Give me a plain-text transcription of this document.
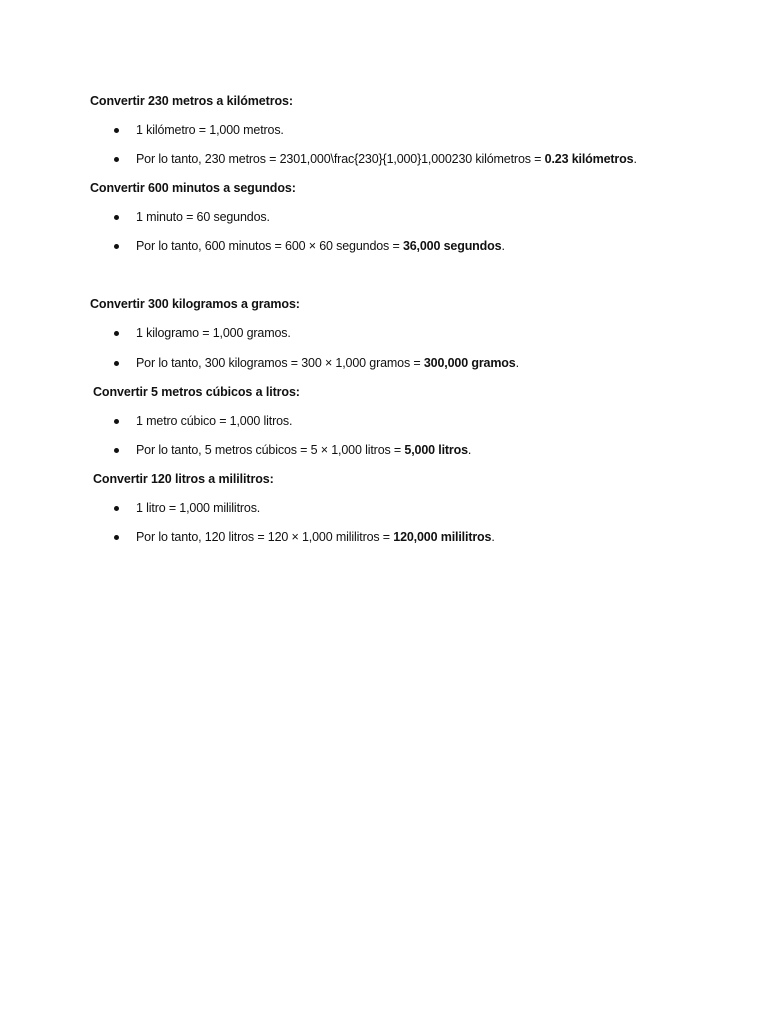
Convertir 230 metros a kilómetros:
1 kilómetro = 1,000 metros.
Por lo tanto, 230 metros = 2301,000\frac{230}{1,000}1,000230 kilómetros = 0.23 kilómetros.
Convertir 600 minutos a segundos:
1 minuto = 60 segundos.
Por lo tanto, 600 minutos = 600 × 60 segundos = 36,000 segundos.
Convertir 300 kilogramos a gramos:
1 kilogramo = 1,000 gramos.
Por lo tanto, 300 kilogramos = 300 × 1,000 gramos = 300,000 gramos.
Convertir 5 metros cúbicos a litros:
1 metro cúbico = 1,000 litros.
Por lo tanto, 5 metros cúbicos = 5 × 1,000 litros = 5,000 litros.
Convertir 120 litros a mililitros:
1 litro = 1,000 mililitros.
Por lo tanto, 120 litros = 120 × 1,000 mililitros = 120,000 mililitros.
